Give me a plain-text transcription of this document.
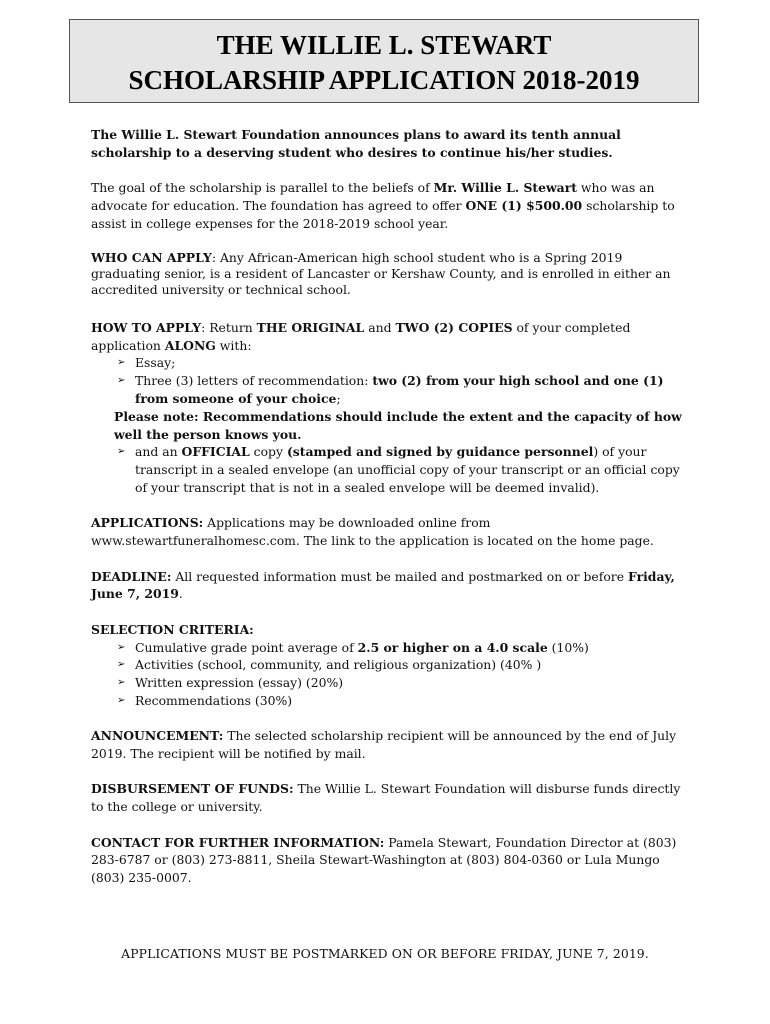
THE WILLIE L. STEWART
SCHOLARSHIP APPLICATION 2018-2019

The Willie L. Stewart Foundation announces plans to award its tenth annual scholarship to a deserving student who desires to continue his/her studies.

The goal of the scholarship is parallel to the beliefs of Mr. Willie L. Stewart who was an advocate for education. The foundation has agreed to offer ONE (1) $500.00 scholarship to assist in college expenses for the 2018-2019 school year.

WHO CAN APPLY: Any African-American high school student who is a Spring 2019 graduating senior, is a resident of Lancaster or Kershaw County, and is enrolled in either an accredited university or technical school.

HOW TO APPLY: Return THE ORIGINAL and TWO (2) COPIES of your completed application ALONG with:

➢ Essay;
➢ Three (3) letters of recommendation: two (2) from your high school and one (1) from someone of your choice;
Please note: Recommendations should include the extent and the capacity of how well the person knows you.
➢ and an OFFICIAL copy (stamped and signed by guidance personnel) of your transcript in a sealed envelope (an unofficial copy of your transcript or an official copy of your transcript that is not in a sealed envelope will be deemed invalid).

APPLICATIONS: Applications may be downloaded online from www.stewartfuneralhomesc.com. The link to the application is located on the home page.

DEADLINE: All requested information must be mailed and postmarked on or before Friday, June 7, 2019.

SELECTION CRITERIA:

➢ Cumulative grade point average of 2.5 or higher on a 4.0 scale (10%)
➢ Activities (school, community, and religious organization) (40% )
➢ Written expression (essay) (20%)
➢ Recommendations (30%)

ANNOUNCEMENT: The selected scholarship recipient will be announced by the end of July 2019. The recipient will be notified by mail.

DISBURSEMENT OF FUNDS: The Willie L. Stewart Foundation will disburse funds directly to the college or university.

CONTACT FOR FURTHER INFORMATION: Pamela Stewart, Foundation Director at (803) 283-6787 or (803) 273-8811, Sheila Stewart-Washington at (803) 804-0360 or Lula Mungo (803) 235-0007.

APPLICATIONS MUST BE POSTMARKED ON OR BEFORE FRIDAY, JUNE 7, 2019.
